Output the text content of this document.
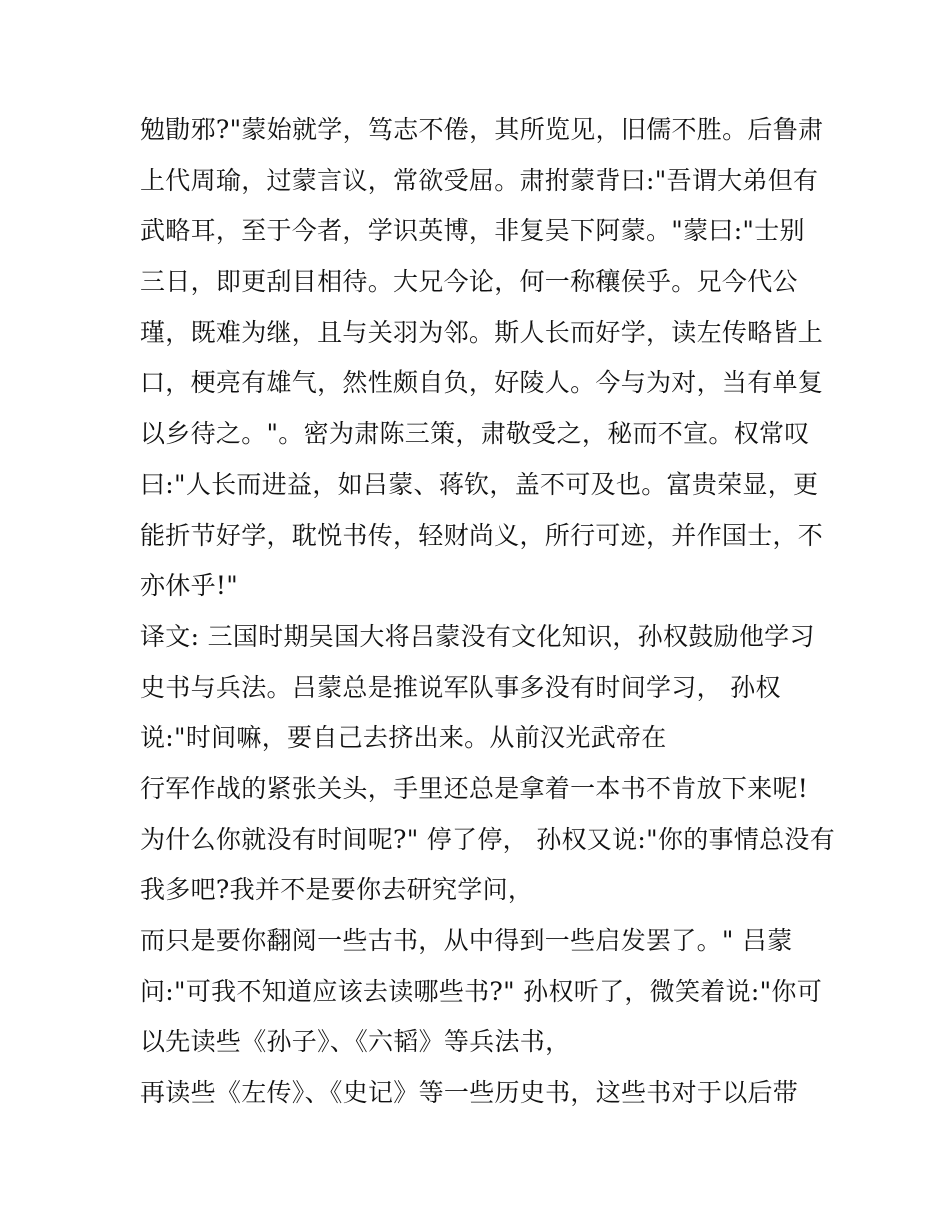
勉勖邪?"蒙始就学，笃志不倦，其所览见，旧儒不胜。后鲁肃
上代周瑜，过蒙言议，常欲受屈。肃拊蒙背曰:"吾谓大弟但有
武略耳，至于今者，学识英博，非复吴下阿蒙。"蒙曰:"士别
三日，即更刮目相待。大兄今论，何一称穰侯乎。兄今代公
瑾，既难为继，且与关羽为邻。斯人长而好学，读左传略皆上
口，梗亮有雄气，然性颇自负，好陵人。今与为对，当有单复
以乡待之。"。密为肃陈三策，肃敬受之，秘而不宣。权常叹
曰:"人长而进益，如吕蒙、蒋钦，盖不可及也。富贵荣显，更
能折节好学，耽悦书传，轻财尚义，所行可迹，并作国士，不
亦休乎!"
译文: 三国时期吴国大将吕蒙没有文化知识，孙权鼓励他学习
史书与兵法。吕蒙总是推说军队事多没有时间学习， 孙权
说:"时间嘛，要自己去挤出来。从前汉光武帝在
行军作战的紧张关头，手里还总是拿着一本书不肯放下来呢!
为什么你就没有时间呢?" 停了停， 孙权又说:"你的事情总没有
我多吧?我并不是要你去研究学问，
而只是要你翻阅一些古书，从中得到一些启发罢了。" 吕蒙
问:"可我不知道应该去读哪些书?" 孙权听了，微笑着说:"你可
以先读些《孙子》、《六韬》等兵法书，
再读些《左传》、《史记》等一些历史书，这些书对于以后带
